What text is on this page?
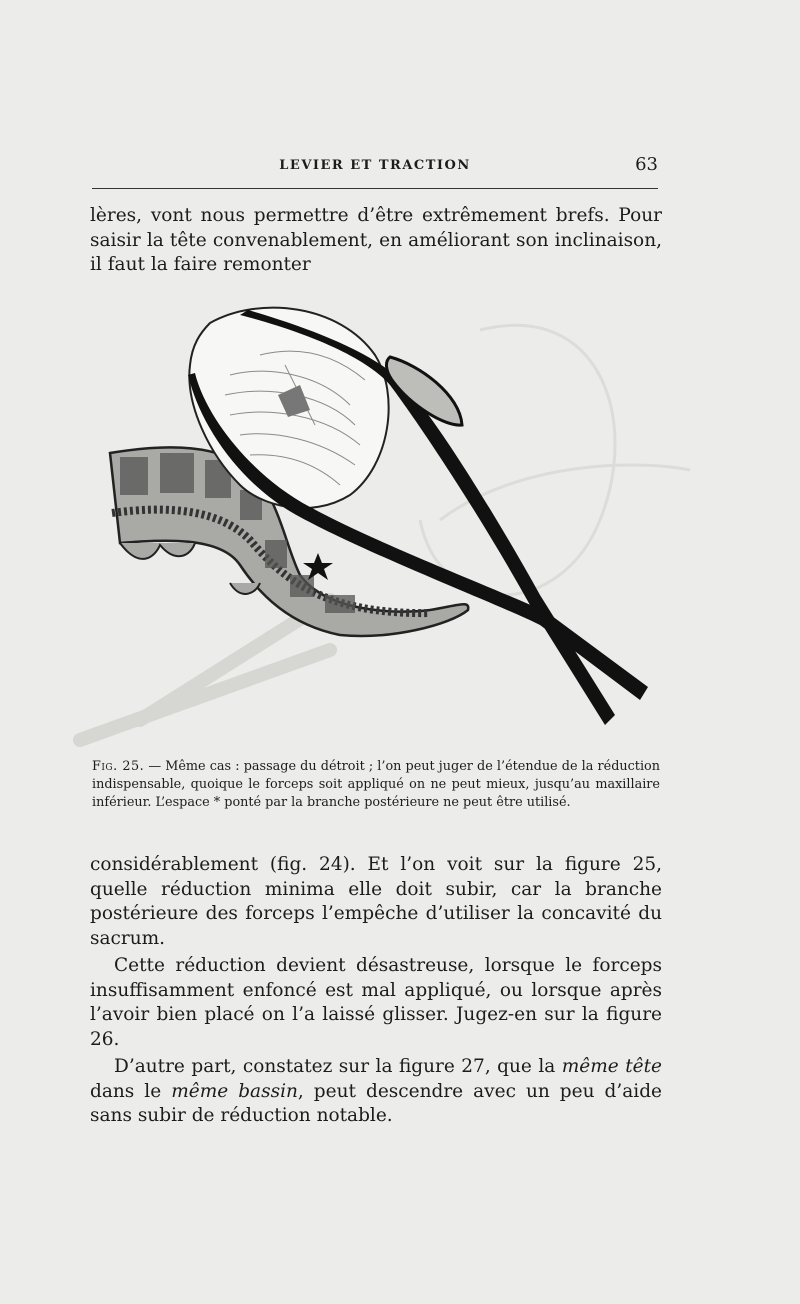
LEVIER ET TRACTION	63

lères, vont nous permettre d’être extrêmement brefs. Pour saisir la tête convenablement, en améliorant son inclinaison, il faut la faire remonter

Fig. 25. — Même cas : passage du détroit ; l’on peut juger de l’étendue de la réduction indispensable, quoique le forceps soit appliqué on ne peut mieux, jusqu’au maxillaire inférieur. L’espace * ponté par la branche postérieure ne peut être utilisé.

considérablement (fig. 24). Et l’on voit sur la figure 25, quelle réduction minima elle doit subir, car la branche postérieure des forceps l’empêche d’utiliser la concavité du sacrum.

Cette réduction devient désastreuse, lorsque le forceps insuffisamment enfoncé est mal appliqué, ou lorsque après l’avoir bien placé on l’a laissé glisser. Jugez-en sur la figure 26.

D’autre part, constatez sur la figure 27, que la même tête dans le même bassin, peut descendre avec un peu d’aide sans subir de réduction notable.
